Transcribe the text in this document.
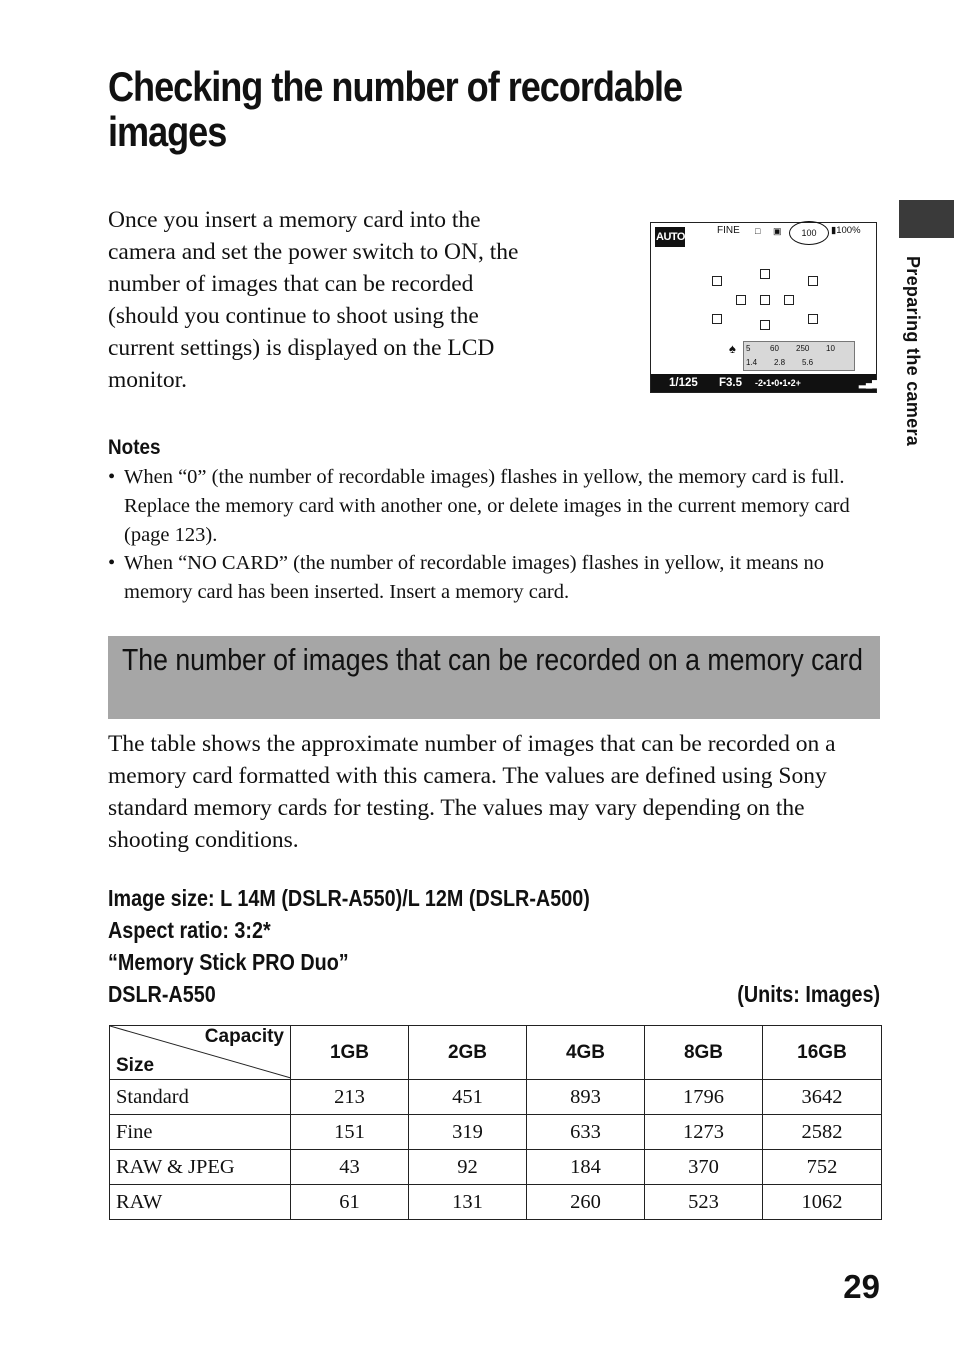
Checking the number of recordable
images
Preparing the camera
Once you insert a memory card into the camera and set the power switch to ON, the number of images that can be recorded (should you continue to shoot using the current settings) is displayed on the LCD monitor.
AUTO
FINE □ ▣	100	▮100%
♠ 5 60 250 10
1.4 2.8 5.6
1/125 F3.5 -2•1•0•1•2+	▂▄▆
Notes
• When “0” (the number of recordable images) flashes in yellow, the memory card is full. Replace the memory card with another one, or delete images in the current memory card (page 123).
• When “NO CARD” (the number of recordable images) flashes in yellow, it means no memory card has been inserted. Insert a memory card.
The number of images that can be recorded on a memory card
The table shows the approximate number of images that can be recorded on a memory card formatted with this camera. The values are defined using Sony standard memory cards for testing. The values may vary depending on the shooting conditions.
Image size: L 14M (DSLR-A550)/L 12M (DSLR-A500)
Aspect ratio: 3:2*
“Memory Stick PRO Duo”
DSLR-A550	(Units: Images)
Capacity
Size	1GB	2GB	4GB	8GB	16GB
Standard	213	451	893	1796	3642
Fine	151	319	633	1273	2582
RAW & JPEG	43	92	184	370	752
RAW	61	131	260	523	1062
29
